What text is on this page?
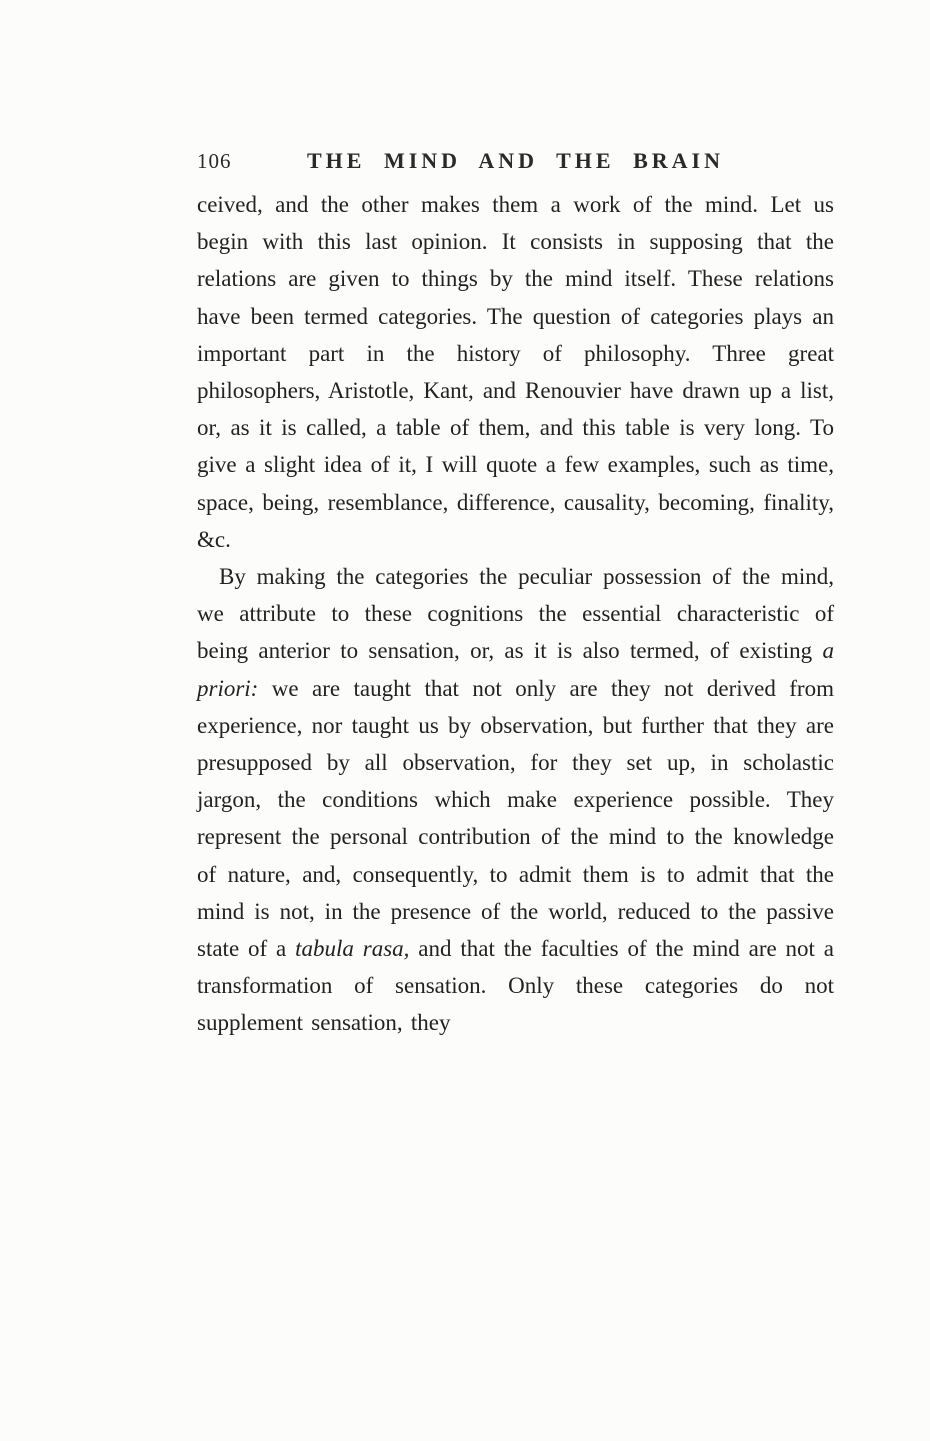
106	THE MIND AND THE BRAIN

ceived, and the other makes them a work of the mind. Let us begin with this last opinion. It consists in supposing that the relations are given to things by the mind itself. These relations have been termed categories. The question of categories plays an important part in the history of philosophy. Three great philosophers, Aristotle, Kant, and Renouvier have drawn up a list, or, as it is called, a table of them, and this table is very long. To give a slight idea of it, I will quote a few examples, such as time, space, being, resemblance, difference, causality, becoming, finality, &c.

By making the categories the peculiar possession of the mind, we attribute to these cognitions the essential characteristic of being anterior to sensation, or, as it is also termed, of existing a priori: we are taught that not only are they not derived from experience, nor taught us by observation, but further that they are presupposed by all observation, for they set up, in scholastic jargon, the conditions which make experience possible. They represent the personal contribution of the mind to the knowledge of nature, and, consequently, to admit them is to admit that the mind is not, in the presence of the world, reduced to the passive state of a tabula rasa, and that the faculties of the mind are not a transformation of sensation. Only these categories do not supplement sensation, they
